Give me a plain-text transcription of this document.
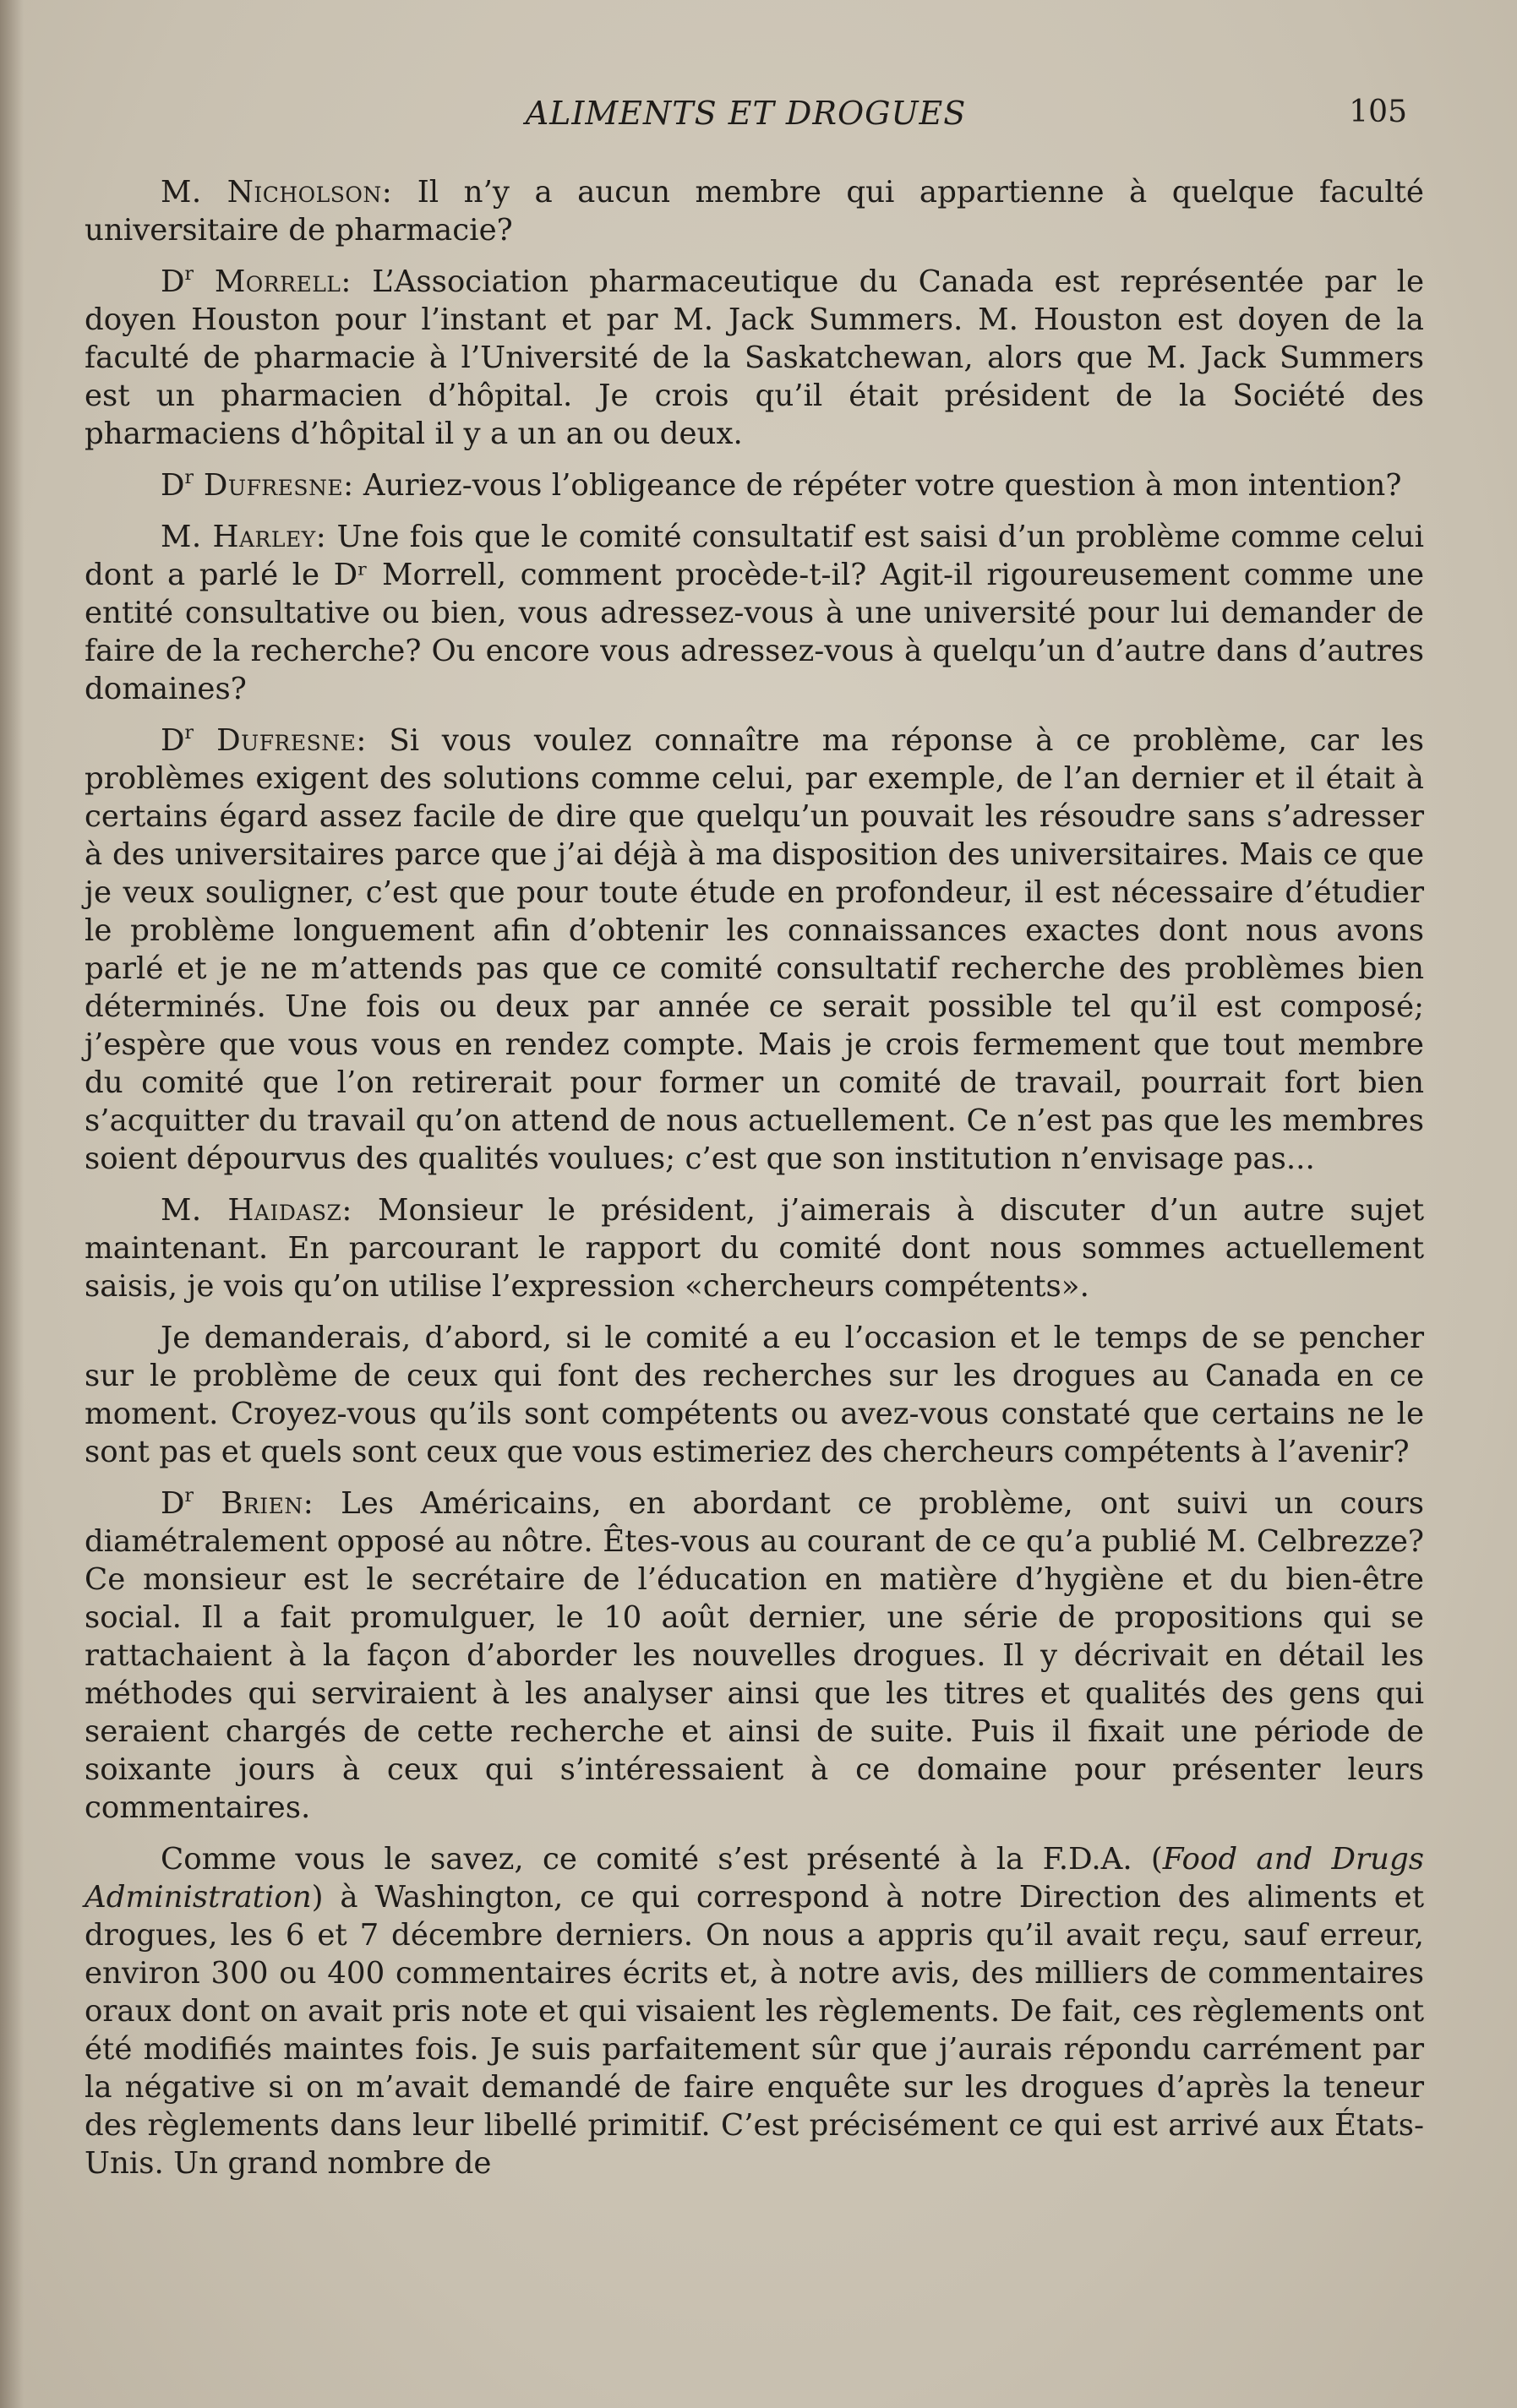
ALIMENTS ET DROGUES	105

M. Nicholson: Il n’y a aucun membre qui appartienne à quelque faculté universitaire de pharmacie?

$D^r$ Morrell: L’Association pharmaceutique du Canada est représentée par le doyen Houston pour l’instant et par M. Jack Summers. M. Houston est doyen de la faculté de pharmacie à l’Université de la Saskatchewan, alors que M. Jack Summers est un pharmacien d’hôpital. Je crois qu’il était président de la Société des pharmaciens d’hôpital il y a un an ou deux.

$D^r$ Dufresne: Auriez-vous l’obligeance de répéter votre question à mon intention?

M. Harley: Une fois que le comité consultatif est saisi d’un problème comme celui dont a parlé le Dʳ Morrell, comment procède-t-il? Agit-il rigoureusement comme une entité consultative ou bien, vous adressez-vous à une université pour lui demander de faire de la recherche? Ou encore vous adressez-vous à quelqu’un d’autre dans d’autres domaines?

$D^r$ Dufresne: Si vous voulez connaître ma réponse à ce problème, car les problèmes exigent des solutions comme celui, par exemple, de l’an dernier et il était à certains égard assez facile de dire que quelqu’un pouvait les résoudre sans s’adresser à des universitaires parce que j’ai déjà à ma disposition des universitaires. Mais ce que je veux souligner, c’est que pour toute étude en profondeur, il est nécessaire d’étudier le problème longuement afin d’obtenir les connaissances exactes dont nous avons parlé et je ne m’attends pas que ce comité consultatif recherche des problèmes bien déterminés. Une fois ou deux par année ce serait possible tel qu’il est composé; j’espère que vous vous en rendez compte. Mais je crois fermement que tout membre du comité que l’on retirerait pour former un comité de travail, pourrait fort bien s’acquitter du travail qu’on attend de nous actuellement. Ce n’est pas que les membres soient dépourvus des qualités voulues; c’est que son institution n’envisage pas...

M. Haidasz: Monsieur le président, j’aimerais à discuter d’un autre sujet maintenant. En parcourant le rapport du comité dont nous sommes actuellement saisis, je vois qu’on utilise l’expression «chercheurs compétents».

Je demanderais, d’abord, si le comité a eu l’occasion et le temps de se pencher sur le problème de ceux qui font des recherches sur les drogues au Canada en ce moment. Croyez-vous qu’ils sont compétents ou avez-vous constaté que certains ne le sont pas et quels sont ceux que vous estimeriez des chercheurs compétents à l’avenir?

$D^r$ Brien: Les Américains, en abordant ce problème, ont suivi un cours diamétralement opposé au nôtre. Êtes-vous au courant de ce qu’a publié M. Celbrezze? Ce monsieur est le secrétaire de l’éducation en matière d’hygiène et du bien-être social. Il a fait promulguer, le 10 août dernier, une série de propositions qui se rattachaient à la façon d’aborder les nouvelles drogues. Il y décrivait en détail les méthodes qui serviraient à les analyser ainsi que les titres et qualités des gens qui seraient chargés de cette recherche et ainsi de suite. Puis il fixait une période de soixante jours à ceux qui s’intéressaient à ce domaine pour présenter leurs commentaires.

Comme vous le savez, ce comité s’est présenté à la F.D.A. (Food and Drugs Administration) à Washington, ce qui correspond à notre Direction des aliments et drogues, les 6 et 7 décembre derniers. On nous a appris qu’il avait reçu, sauf erreur, environ 300 ou 400 commentaires écrits et, à notre avis, des milliers de commentaires oraux dont on avait pris note et qui visaient les règlements. De fait, ces règlements ont été modifiés maintes fois. Je suis parfaitement sûr que j’aurais répondu carrément par la négative si on m’avait demandé de faire enquête sur les drogues d’après la teneur des règlements dans leur libellé primitif. C’est précisément ce qui est arrivé aux États-Unis. Un grand nombre de
